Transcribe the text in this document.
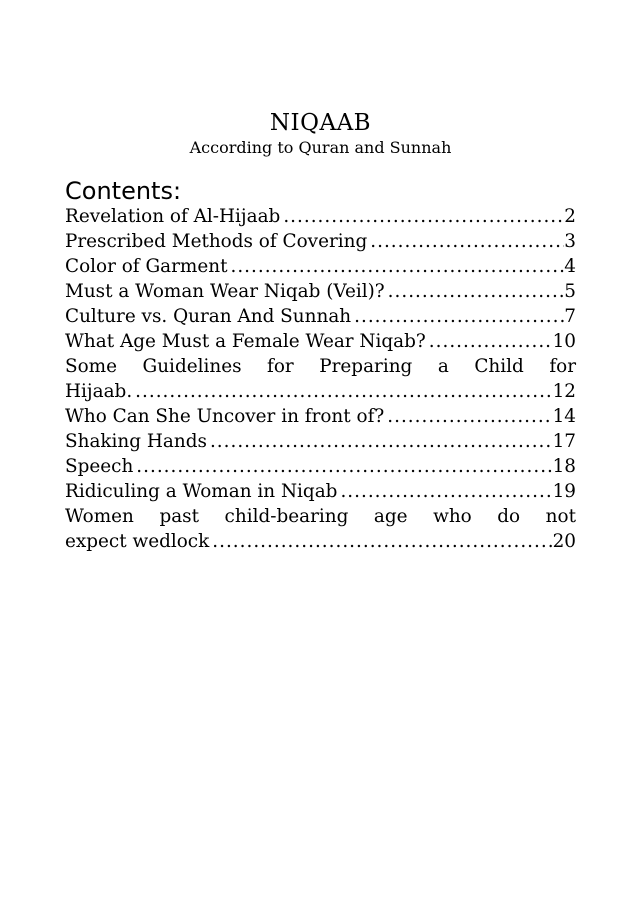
NIQAAB
According to Quran and Sunnah
Contents:
Revelation of Al-Hijaab .....	2
Prescribed Methods of Covering .....	3
Color of Garment .....	4
Must a Woman Wear Niqab (Veil)? .....	5
Culture vs. Quran And Sunnah .....	7
What Age Must a Female Wear Niqab? .....	10
Some Guidelines for Preparing a Child for
Hijaab. .....	12
Who Can She Uncover in front of? .....	14
Shaking Hands .....	17
Speech .....	18
Ridiculing a Woman in Niqab .....	19
Women past child-bearing age who do not
expect wedlock .....	20
